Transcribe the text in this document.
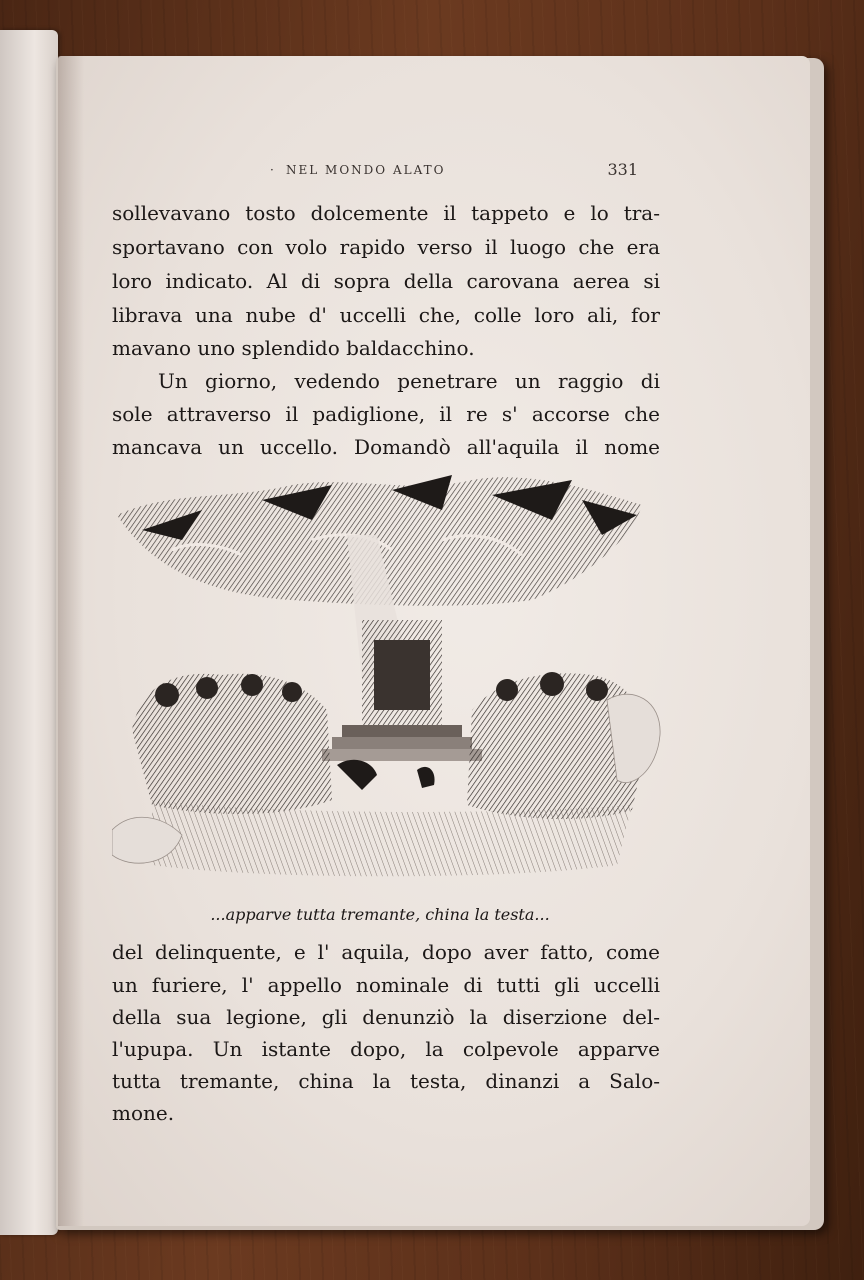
· NEL MONDO ALATO	331
sollevavano tosto dolcemente il tappeto e lo tra-
sportavano con volo rapido verso il luogo che era
loro indicato. Al di sopra della carovana aerea si
librava una nube d' uccelli che, colle loro ali, for
mavano uno splendido baldacchino.
Un giorno, vedendo penetrare un raggio di
sole attraverso il padiglione, il re s' accorse che
mancava un uccello. Domandò all'aquila il nome
...apparve tutta tremante, china la testa...
del delinquente, e l' aquila, dopo aver fatto, come
un furiere, l' appello nominale di tutti gli uccelli
della sua legione, gli denunziò la diserzione del-
l'upupa. Un istante dopo, la colpevole apparve
tutta tremante, china la testa, dinanzi a Salo-
mone.
